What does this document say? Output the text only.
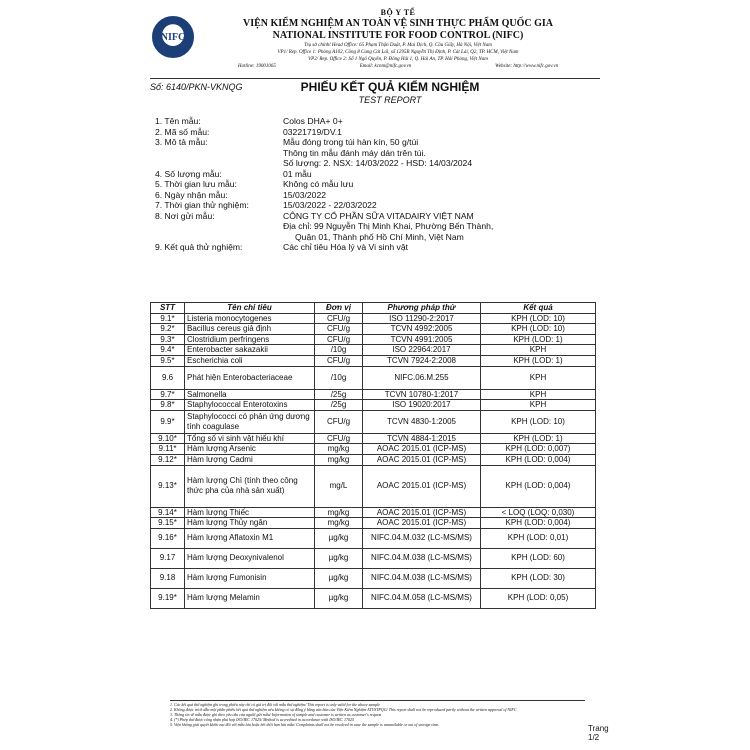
NIFC
BỘ Y TẾ
VIỆN KIỂM NGHIỆM AN TOÀN VỆ SINH THỰC PHẨM QUỐC GIA
NATIONAL INSTITUTE FOR FOOD CONTROL (NIFC)
Trụ sở chính/ Head Office: 65 Phạm Thận Duật, P. Mai Dịch, Q. Cầu Giấy, Hà Nội, Việt Nam
VP1/ Rep. Office 1: Phòng A102, Công 8 Cung Cát Lái, số 1295B Nguyễn Thị Định, P. Cát Lái, Q2, TP. HCM, Việt Nam
VP2/ Rep. Office 2: Số 1 Ngô Quyền, P. Đông Hải 1, Q. Hải An, TP. Hải Phòng, Việt Nam
Hotline: 19001065	Email: kcnm@nifc.gov.vn	Website: http://www.nifc.gov.vn
Số: 6140/PKN-VKNQG	PHIẾU KẾT QUẢ KIỂM NGHIỆM
TEST REPORT
1. Tên mẫu:	Colos DHA+ 0+
2. Mã số mẫu:	03221719/DV.1
3. Mô tả mẫu:	Mẫu đóng trong túi hàn kín, 50 g/túi
Thông tin mẫu đánh máy dán trên túi.
Số lượng: 2. NSX: 14/03/2022 - HSD: 14/03/2024
4. Số lượng mẫu:	01 mẫu
5. Thời gian lưu mẫu:	Không có mẫu lưu
6. Ngày nhận mẫu:	15/03/2022
7. Thời gian thử nghiệm:	15/03/2022 - 22/03/2022
8. Nơi gửi mẫu:	CÔNG TY CỔ PHẦN SỮA VITADAIRY VIỆT NAM
Địa chỉ: 99 Nguyễn Thị Minh Khai, Phường Bến Thành,
Quận 01, Thành phố Hồ Chí Minh, Việt Nam
9. Kết quả thử nghiệm:	Các chỉ tiêu Hóa lý và Vi sinh vật
STT	Tên chỉ tiêu	Đơn vị	Phương pháp thử	Kết quả
9.1*	Listeria monocytogenes	CFU/g	ISO 11290-2:2017	KPH (LOD: 10)
9.2*	Bacillus cereus giả định	CFU/g	TCVN 4992:2005	KPH (LOD: 10)
9.3*	Clostridium perfringens	CFU/g	TCVN 4991:2005	KPH (LOD: 1)
9.4*	Enterobacter sakazakii	/10g	ISO 22964:2017	KPH
9.5*	Escherichia coli	CFU/g	TCVN 7924-2:2008	KPH (LOD: 1)
9.6	Phát hiện Enterobacteriaceae	/10g	NIFC.06.M.255	KPH
9.7*	Salmonella	/25g	TCVN 10780-1:2017	KPH
9.8*	Staphylococcal Enterotoxins	/25g	ISO 19020:2017	KPH
9.9*	Staphylococci có phản ứng dương tính coagulase	CFU/g	TCVN 4830-1:2005	KPH (LOD: 10)
9.10*	Tổng số vi sinh vật hiếu khí	CFU/g	TCVN 4884-1:2015	KPH (LOD: 1)
9.11*	Hàm lượng Arsenic	mg/kg	AOAC 2015.01 (ICP-MS)	KPH (LOD: 0,007)
9.12*	Hàm lượng Cadmi	mg/kg	AOAC 2015.01 (ICP-MS)	KPH (LOD: 0,004)
9.13*	Hàm lượng Chì (tính theo công thức pha của nhà sản xuất)	mg/L	AOAC 2015.01 (ICP-MS)	KPH (LOD: 0,004)
9.14*	Hàm lượng Thiếc	mg/kg	AOAC 2015.01 (ICP-MS)	< LOQ (LOQ: 0,030)
9.15*	Hàm lượng Thủy ngân	mg/kg	AOAC 2015.01 (ICP-MS)	KPH (LOD: 0,004)
9.16*	Hàm lượng Aflatoxin M1	µg/kg	NIFC.04.M.032 (LC-MS/MS)	KPH (LOD: 0,01)
9.17	Hàm lượng Deoxynivalenol	µg/kg	NIFC.04.M.038 (LC-MS/MS)	KPH (LOD: 60)
9.18	Hàm lượng Fumonisin	µg/kg	NIFC.04.M.038 (LC-MS/MS)	KPH (LOD: 30)
9.19*	Hàm lượng Melamin	µg/kg	NIFC.04.M.058 (LC-MS/MS)	KPH (LOD: 0,05)
1. Các kết quả thử nghiệm ghi trong phiếu này chỉ có giá trị đối với mẫu thử nghiệm/ This report is only valid for the above sample
2. Không được trích dẫn một phần phiếu kết quả thử nghiệm nếu không có sự đồng ý bằng văn bản của Viện Kiểm Nghiệm ATVSTPQG/ This report shall not be reproduced partly without the written approval of NIFC
3. Thông tin về mẫu được ghi theo yêu cầu của người gửi mẫu/ Information of sample and customer is written as customer's request
4. (*) Phép thử được công nhận phù hợp ISO/IEC 17025/ Method is accredited in accordance with ISO/IEC 17025
5. Viện không giải quyết khiếu nại đối với mẫu lưu hoặc hết thời hạn lưu mẫu/ Complaints shall not be resolved in case the sample is unavailable or out of storage time.	Trang 1/2
